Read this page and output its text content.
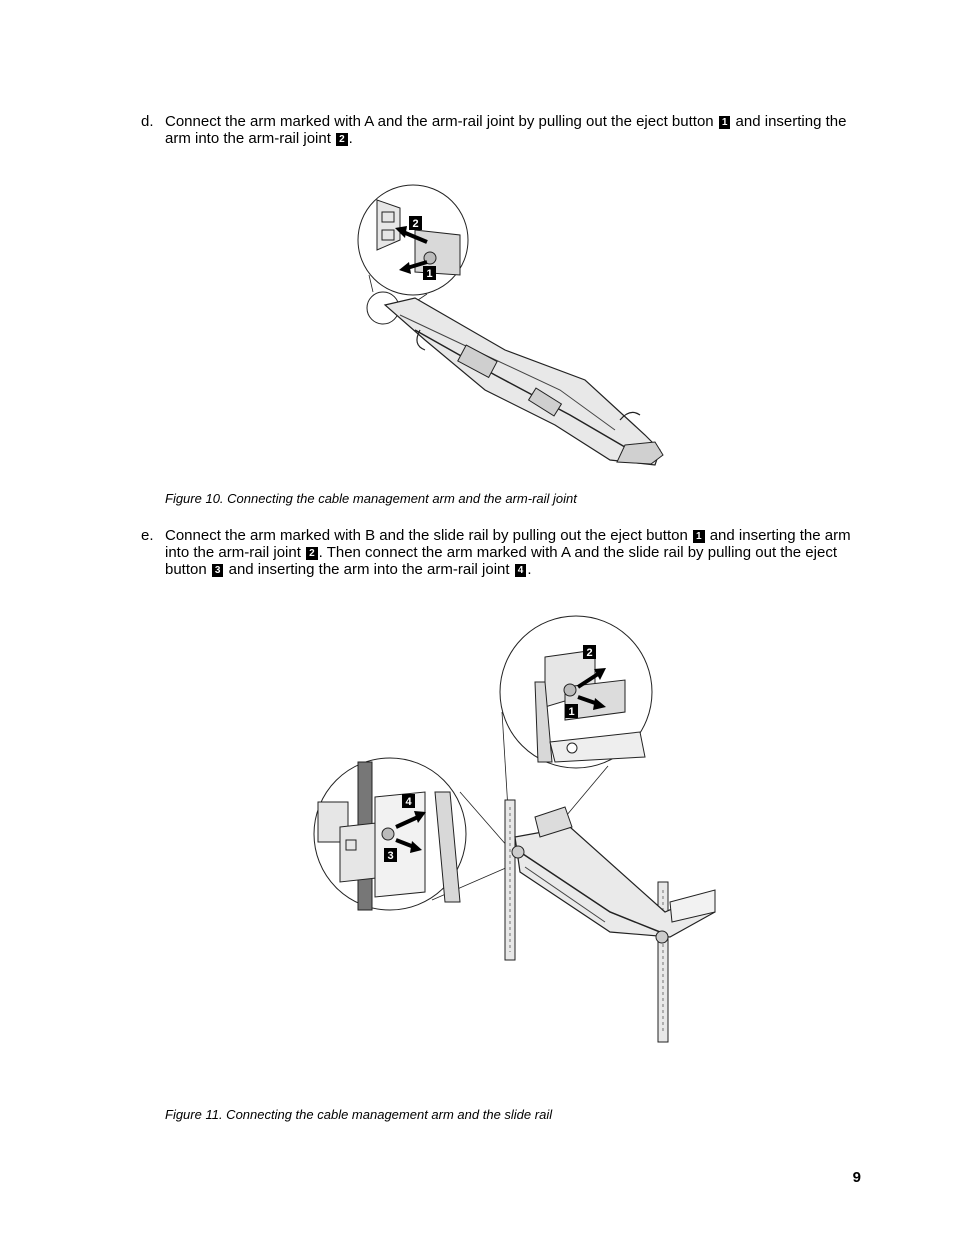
d. Connect the arm marked with A and the arm-rail joint by pulling out the eject button 1 and inserting the arm into the arm-rail joint 2 .
2
1
Figure 10. Connecting the cable management arm and the arm-rail joint
e. Connect the arm marked with B and the slide rail by pulling out the eject button 1 and inserting the arm into the arm-rail joint 2 . Then connect the arm marked with A and the slide rail by pulling out the eject button 3 and inserting the arm into the arm-rail joint 4 .
2
1
4
3
Figure 11. Connecting the cable management arm and the slide rail
9
